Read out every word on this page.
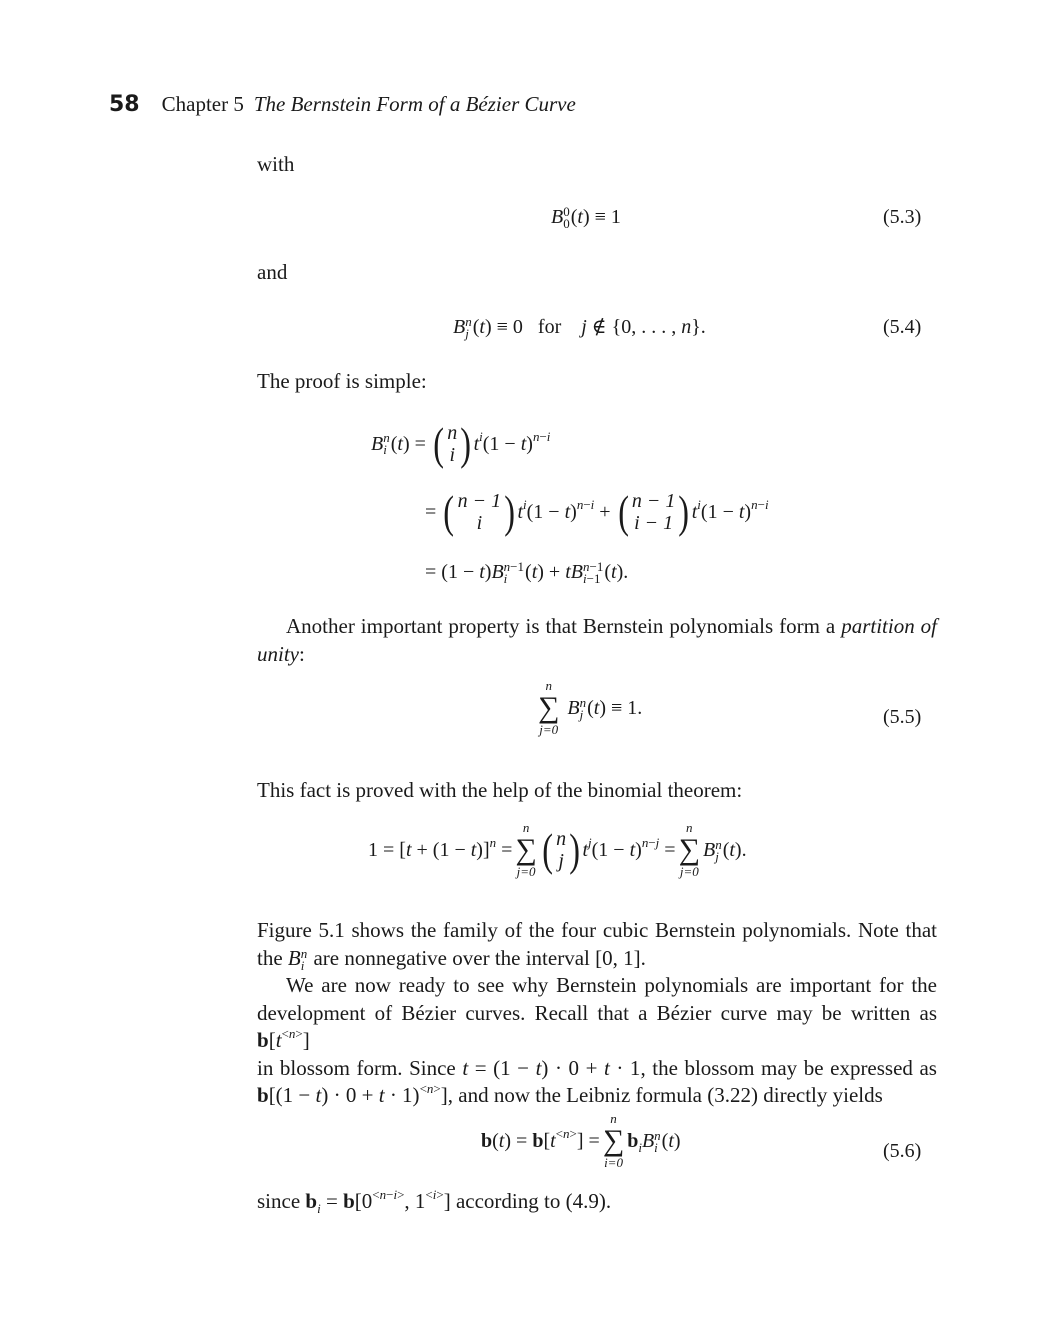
58 Chapter 5 The Bernstein Form of a Bézier Curve
with
B 0
0 (t) ≡ 1	(5.3)
and
B n
j (t) ≡ 0   for j ∉ {0, . . . , n}.	(5.4)
The proof is simple:
B n
i (t) = ( n
i ) $t^i(1 - t)^{n-i}$
= ( n − 1
i ) $t^i(1 - t)^{n-i}$ + ( n − 1
i − 1 ) $t^i(1 - t)^{n-i}$
= (1 − t)B n−1
i (t) + tB n−1
i−1 (t).
Another important property is that Bernstein polynomials form a partition of unity:
n
∑
j=0
B n
j (t) ≡ 1.	(5.5)
This fact is proved with the help of the binomial theorem:
$1 = [t + (1 - t)]^n$ =
n
∑
j=0 ( n
j ) $t^j(1 - t)^{n-j}$ =
n
∑
j=0
B n
j (t).
Figure 5.1 shows the family of the four cubic Bernstein polynomials. Note that
the B n
i are nonnegative over the interval [0, 1].
We are now ready to see why Bernstein polynomials are important for the
development of Bézier curves. Recall that a Bézier curve may be written as $b[t^{<n>}]$
in blossom form. Since t = (1 − t) · 0 + t · 1, the blossom may be expressed as
b[(1 − t) · 0 + t · 1)$^{<n>}$], and now the Leibniz formula (3.22) directly yields
$b(t) = b[t^{<n>}]$ =
n
∑
i=0
$b_iB$ n
i (t)	(5.6)
since $b_i = b[0^{<n-i>}$, $1^{<i>}$] according to (4.9).
